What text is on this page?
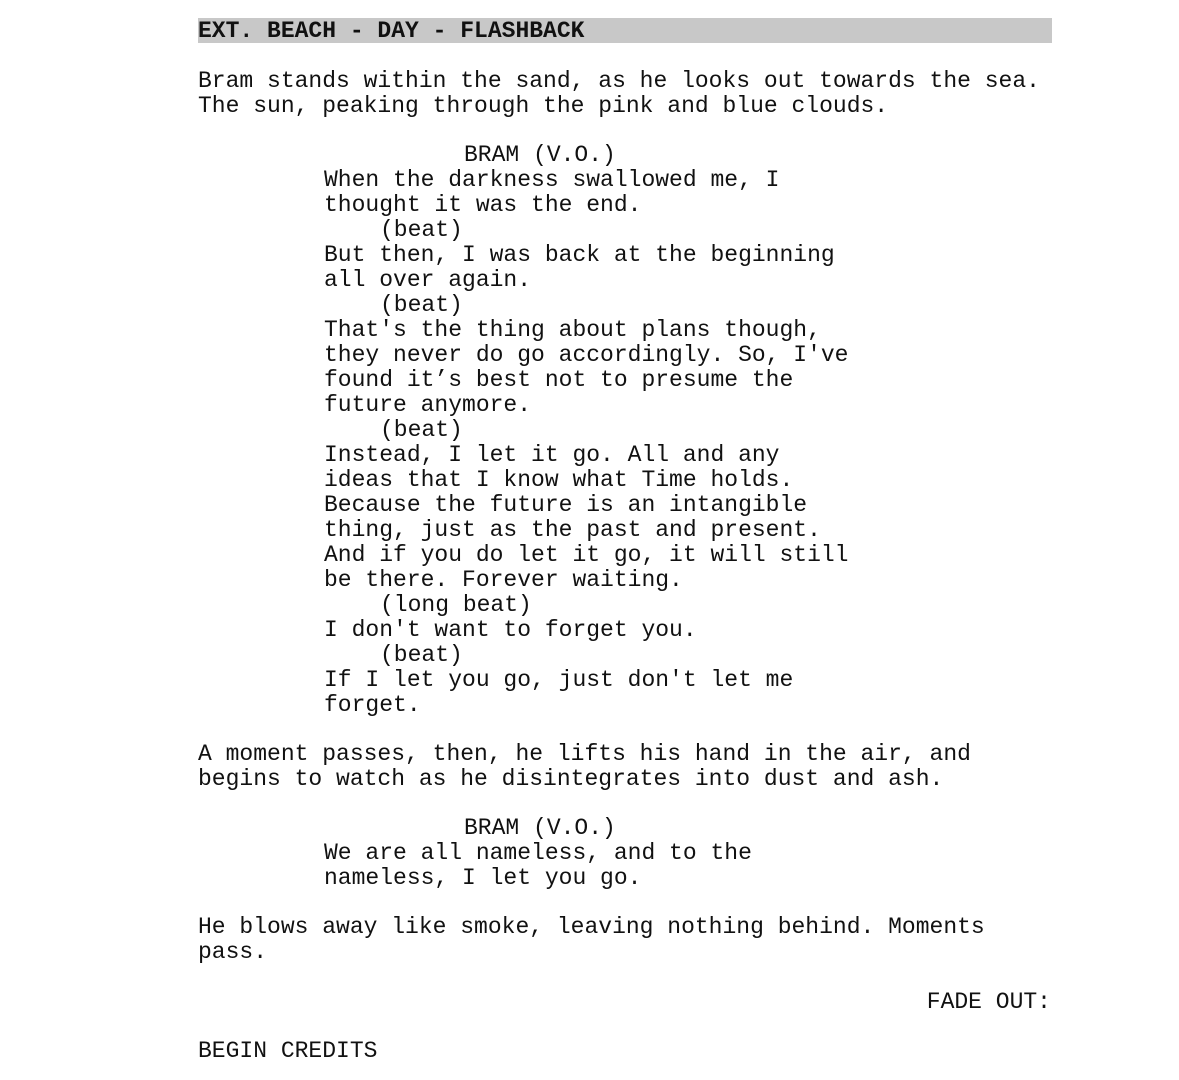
EXT. BEACH - DAY - FLASHBACK
Bram stands within the sand, as he looks out towards the sea.
The sun, peaking through the pink and blue clouds.
BRAM (V.O.)
When the darkness swallowed me, I
thought it was the end.
(beat)
But then, I was back at the beginning
all over again.
(beat)
That's the thing about plans though,
they never do go accordingly. So, I've
found it’s best not to presume the
future anymore.
(beat)
Instead, I let it go. All and any
ideas that I know what Time holds.
Because the future is an intangible
thing, just as the past and present.
And if you do let it go, it will still
be there. Forever waiting.
(long beat)
I don't want to forget you.
(beat)
If I let you go, just don't let me
forget.
A moment passes, then, he lifts his hand in the air, and
begins to watch as he disintegrates into dust and ash.
BRAM (V.O.)
We are all nameless, and to the
nameless, I let you go.
He blows away like smoke, leaving nothing behind. Moments
pass.
FADE OUT:
BEGIN CREDITS
